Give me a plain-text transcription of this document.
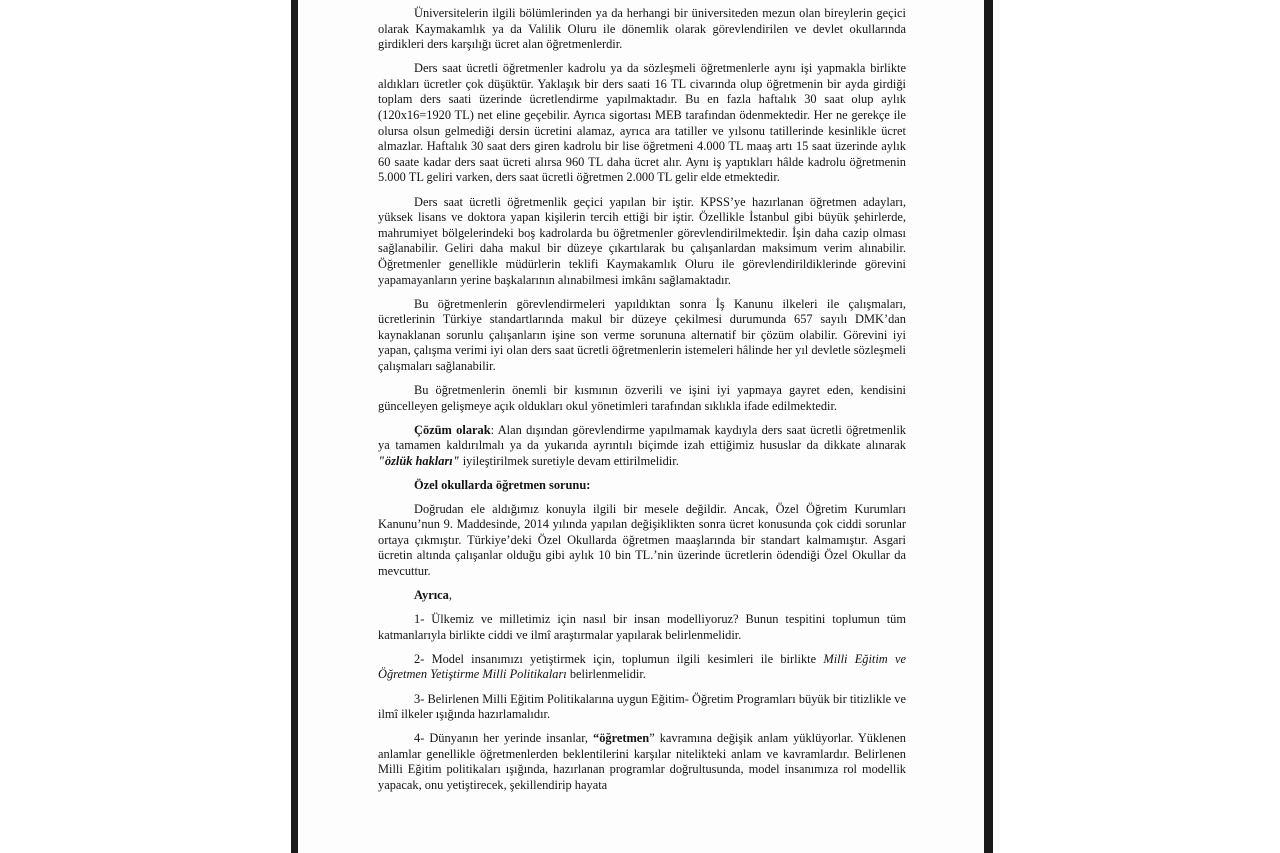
Üniversitelerin ilgili bölümlerinden ya da herhangi bir üniversiteden mezun olan bireylerin geçici olarak Kaymakamlık ya da Valilik Oluru ile dönemlik olarak görevlendirilen ve devlet okullarında girdikleri ders karşılığı ücret alan öğretmenlerdir.

Ders saat ücretli öğretmenler kadrolu ya da sözleşmeli öğretmenlerle aynı işi yapmakla birlikte aldıkları ücretler çok düşüktür. Yaklaşık bir ders saati 16 TL civarında olup öğretmenin bir ayda girdiği toplam ders saati üzerinde ücretlendirme yapılmaktadır. Bu en fazla haftalık 30 saat olup aylık (120x16=1920 TL) net eline geçebilir. Ayrıca sigortası MEB tarafından ödenmektedir. Her ne gerekçe ile olursa olsun gelmediği dersin ücretini alamaz, ayrıca ara tatiller ve yılsonu tatillerinde kesinlikle ücret almazlar. Haftalık 30 saat ders giren kadrolu bir lise öğretmeni 4.000 TL maaş artı 15 saat üzerinde aylık 60 saate kadar ders saat ücreti alırsa 960 TL daha ücret alır. Aynı iş yaptıkları hâlde kadrolu öğretmenin 5.000 TL geliri varken, ders saat ücretli öğretmen 2.000 TL gelir elde etmektedir.

Ders saat ücretli öğretmenlik geçici yapılan bir iştir. KPSS’ye hazırlanan öğretmen adayları, yüksek lisans ve doktora yapan kişilerin tercih ettiği bir iştir. Özellikle İstanbul gibi büyük şehirlerde, mahrumiyet bölgelerindeki boş kadrolarda bu öğretmenler görevlendirilmektedir. İşin daha cazip olması sağlanabilir. Geliri daha makul bir düzeye çıkartılarak bu çalışanlardan maksimum verim alınabilir. Öğretmenler genellikle müdürlerin teklifi Kaymakamlık Oluru ile görevlendirildiklerinde görevini yapamayanların yerine başkalarının alınabilmesi imkânı sağlamaktadır.

Bu öğretmenlerin görevlendirmeleri yapıldıktan sonra İş Kanunu ilkeleri ile çalışmaları, ücretlerinin Türkiye standartlarında makul bir düzeye çekilmesi durumunda 657 sayılı DMK’dan kaynaklanan sorunlu çalışanların işine son verme sorununa alternatif bir çözüm olabilir. Görevini iyi yapan, çalışma verimi iyi olan ders saat ücretli öğretmenlerin istemeleri hâlinde her yıl devletle sözleşmeli çalışmaları sağlanabilir.

Bu öğretmenlerin önemli bir kısmının özverili ve işini iyi yapmaya gayret eden, kendisini güncelleyen gelişmeye açık oldukları okul yönetimleri tarafından sıklıkla ifade edilmektedir.

Çözüm olarak: Alan dışından görevlendirme yapılmamak kaydıyla ders saat ücretli öğretmenlik ya tamamen kaldırılmalı ya da yukarıda ayrıntılı biçimde izah ettiğimiz hususlar da dikkate alınarak "özlük hakları" iyileştirilmek suretiyle devam ettirilmelidir.

Özel okullarda öğretmen sorunu:

Doğrudan ele aldığımız konuyla ilgili bir mesele değildir. Ancak, Özel Öğretim Kurumları Kanunu’nun 9. Maddesinde, 2014 yılında yapılan değişiklikten sonra ücret konusunda çok ciddi sorunlar ortaya çıkmıştır. Türkiye’deki Özel Okullarda öğretmen maaşlarında bir standart kalmamıştır. Asgari ücretin altında çalışanlar olduğu gibi aylık 10 bin TL.’nin üzerinde ücretlerin ödendiği Özel Okullar da mevcuttur.

Ayrıca,

1- Ülkemiz ve milletimiz için nasıl bir insan modelliyoruz? Bunun tespitini toplumun tüm katmanlarıyla birlikte ciddi ve ilmî araştırmalar yapılarak belirlenmelidir.

2- Model insanımızı yetiştirmek için, toplumun ilgili kesimleri ile birlikte Milli Eğitim ve Öğretmen Yetiştirme Milli Politikaları belirlenmelidir.

3- Belirlenen Milli Eğitim Politikalarına uygun Eğitim- Öğretim Programları büyük bir titizlikle ve ilmî ilkeler ışığında hazırlamalıdır.

4- Dünyanın her yerinde insanlar, “öğretmen” kavramına değişik anlam yüklüyorlar. Yüklenen anlamlar genellikle öğretmenlerden beklentilerini karşılar nitelikteki anlam ve kavramlardır. Belirlenen Milli Eğitim politikaları ışığında, hazırlanan programlar doğrultusunda, model insanımıza rol modellik yapacak, onu yetiştirecek, şekillendirip hayata
